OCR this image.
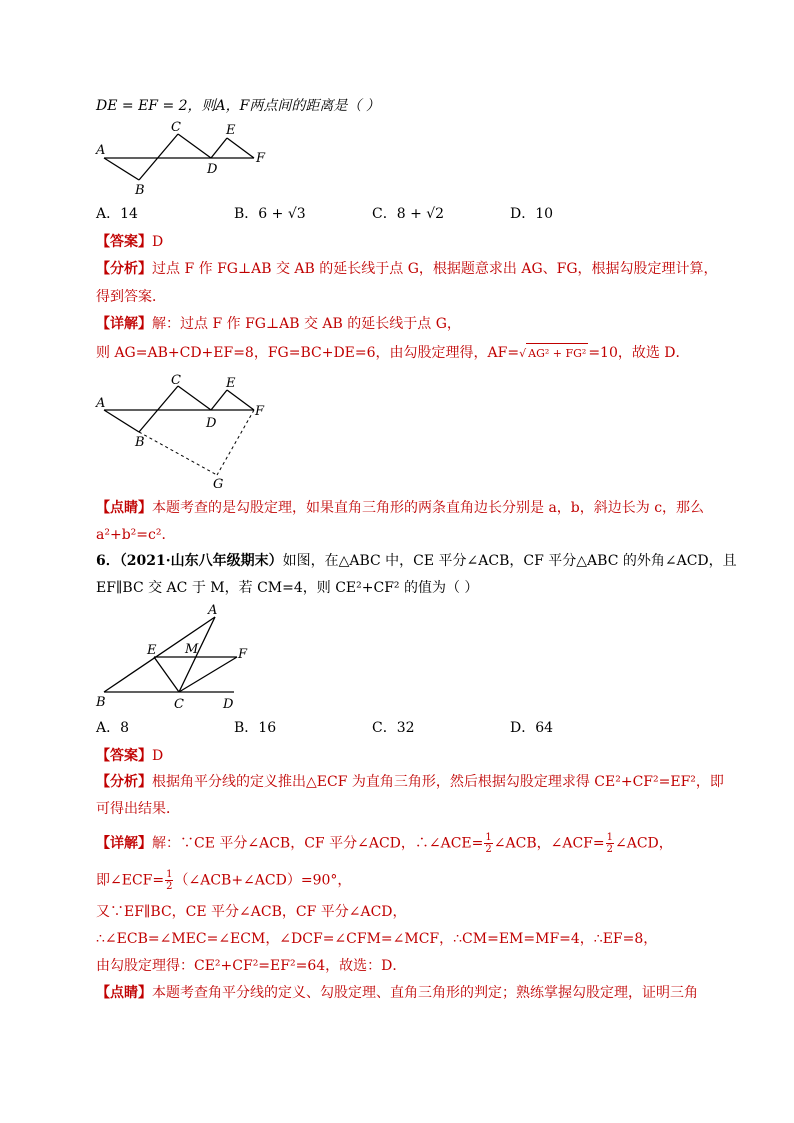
DE = EF = 2，则A，F两点间的距离是（ ）
A
B
C
D
E
F
A．14	B．6 + √3	C．8 + √2	D．10
【答案】D
【分析】过点 F 作 FG⊥AB 交 AB 的延长线于点 G，根据题意求出 AG、FG，根据勾股定理计算，
得到答案．
【详解】解：过点 F 作 FG⊥AB 交 AB 的延长线于点 G，
则 AG=AB+CD+EF=8，FG=BC+DE=6，由勾股定理得，AF=√ AG² + FG² =10，故选 D．
A
B
C
D
E
F
G
【点睛】本题考查的是勾股定理，如果直角三角形的两条直角边长分别是 a，b，斜边长为 c，那么
a²+b²=c²．
6．（2021·山东八年级期末）如图，在△ABC 中，CE 平分∠ACB，CF 平分△ABC 的外角∠ACD，且
EF∥BC 交 AC 于 M，若 CM=4，则 CE²+CF² 的值为（ ）
A
B	C	D
E	F
M
A．8	B．16	C．32	D．64
【答案】D
【分析】根据角平分线的定义推出△ECF 为直角三角形，然后根据勾股定理求得 CE²+CF²=EF²，即
可得出结果．
【详解】解：∵CE 平分∠ACB，CF 平分∠ACD，∴∠ACE= $\frac{1}{2}$ ∠ACB，∠ACF= $\frac{1}{2}$ ∠ACD，
即∠ECF= $\frac{1}{2}$ （∠ACB+∠ACD）=90°，
又∵EF∥BC，CE 平分∠ACB，CF 平分∠ACD，
∴∠ECB=∠MEC=∠ECM，∠DCF=∠CFM=∠MCF，∴CM=EM=MF=4，∴EF=8，
由勾股定理得：CE²+CF²=EF²=64，故选：D．
【点睛】本题考查角平分线的定义、勾股定理、直角三角形的判定；熟练掌握勾股定理，证明三角
